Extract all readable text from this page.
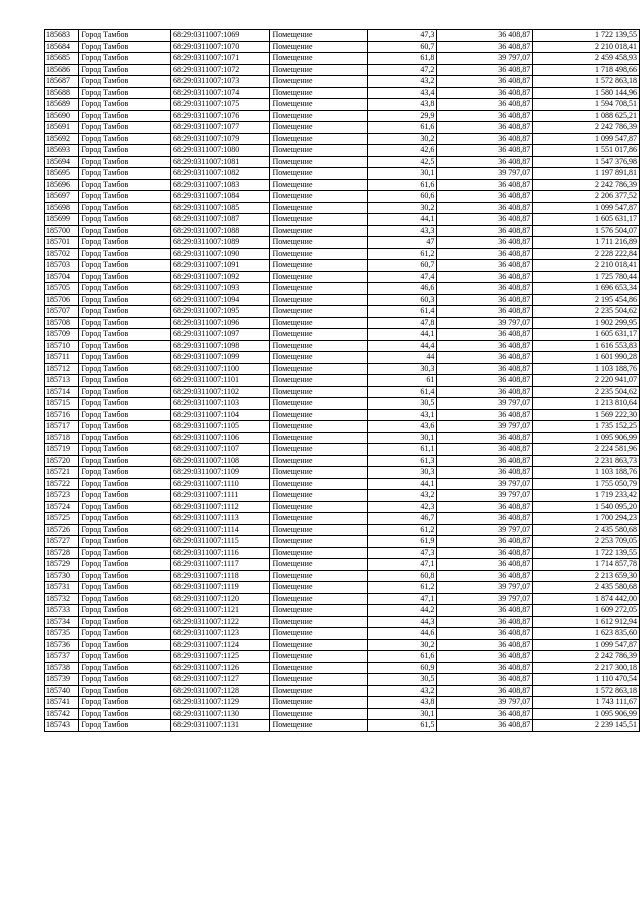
185683	Город Тамбов	68:29:0311007:1069	Помещение	47,3	36 408,87	1 722 139,55
185684	Город Тамбов	68:29:0311007:1070	Помещение	60,7	36 408,87	2 210 018,41
185685	Город Тамбов	68:29:0311007:1071	Помещение	61,8	39 797,07	2 459 458,93
185686	Город Тамбов	68:29:0311007:1072	Помещение	47,2	36 408,87	1 718 498,66
185687	Город Тамбов	68:29:0311007:1073	Помещение	43,2	36 408,87	1 572 863,18
185688	Город Тамбов	68:29:0311007:1074	Помещение	43,4	36 408,87	1 580 144,96
185689	Город Тамбов	68:29:0311007:1075	Помещение	43,8	36 408,87	1 594 708,51
185690	Город Тамбов	68:29:0311007:1076	Помещение	29,9	36 408,87	1 088 625,21
185691	Город Тамбов	68:29:0311007:1077	Помещение	61,6	36 408,87	2 242 786,39
185692	Город Тамбов	68:29:0311007:1079	Помещение	30,2	36 408,87	1 099 547,87
185693	Город Тамбов	68:29:0311007:1080	Помещение	42,6	36 408,87	1 551 017,86
185694	Город Тамбов	68:29:0311007:1081	Помещение	42,5	36 408,87	1 547 376,98
185695	Город Тамбов	68:29:0311007:1082	Помещение	30,1	39 797,07	1 197 891,81
185696	Город Тамбов	68:29:0311007:1083	Помещение	61,6	36 408,87	2 242 786,39
185697	Город Тамбов	68:29:0311007:1084	Помещение	60,6	36 408,87	2 206 377,52
185698	Город Тамбов	68:29:0311007:1085	Помещение	30,2	36 408,87	1 099 547,87
185699	Город Тамбов	68:29:0311007:1087	Помещение	44,1	36 408,87	1 605 631,17
185700	Город Тамбов	68:29:0311007:1088	Помещение	43,3	36 408,87	1 576 504,07
185701	Город Тамбов	68:29:0311007:1089	Помещение	47	36 408,87	1 711 216,89
185702	Город Тамбов	68:29:0311007:1090	Помещение	61,2	36 408,87	2 228 222,84
185703	Город Тамбов	68:29:0311007:1091	Помещение	60,7	36 408,87	2 210 018,41
185704	Город Тамбов	68:29:0311007:1092	Помещение	47,4	36 408,87	1 725 780,44
185705	Город Тамбов	68:29:0311007:1093	Помещение	46,6	36 408,87	1 696 653,34
185706	Город Тамбов	68:29:0311007:1094	Помещение	60,3	36 408,87	2 195 454,86
185707	Город Тамбов	68:29:0311007:1095	Помещение	61,4	36 408,87	2 235 504,62
185708	Город Тамбов	68:29:0311007:1096	Помещение	47,8	39 797,07	1 902 299,95
185709	Город Тамбов	68:29:0311007:1097	Помещение	44,1	36 408,87	1 605 631,17
185710	Город Тамбов	68:29:0311007:1098	Помещение	44,4	36 408,87	1 616 553,83
185711	Город Тамбов	68:29:0311007:1099	Помещение	44	36 408,87	1 601 990,28
185712	Город Тамбов	68:29:0311007:1100	Помещение	30,3	36 408,87	1 103 188,76
185713	Город Тамбов	68:29:0311007:1101	Помещение	61	36 408,87	2 220 941,07
185714	Город Тамбов	68:29:0311007:1102	Помещение	61,4	36 408,87	2 235 504,62
185715	Город Тамбов	68:29:0311007:1103	Помещение	30,5	39 797,07	1 213 810,64
185716	Город Тамбов	68:29:0311007:1104	Помещение	43,1	36 408,87	1 569 222,30
185717	Город Тамбов	68:29:0311007:1105	Помещение	43,6	39 797,07	1 735 152,25
185718	Город Тамбов	68:29:0311007:1106	Помещение	30,1	36 408,87	1 095 906,99
185719	Город Тамбов	68:29:0311007:1107	Помещение	61,1	36 408,87	2 224 581,96
185720	Город Тамбов	68:29:0311007:1108	Помещение	61,3	36 408,87	2 231 863,73
185721	Город Тамбов	68:29:0311007:1109	Помещение	30,3	36 408,87	1 103 188,76
185722	Город Тамбов	68:29:0311007:1110	Помещение	44,1	39 797,07	1 755 050,79
185723	Город Тамбов	68:29:0311007:1111	Помещение	43,2	39 797,07	1 719 233,42
185724	Город Тамбов	68:29:0311007:1112	Помещение	42,3	36 408,87	1 540 095,20
185725	Город Тамбов	68:29:0311007:1113	Помещение	46,7	36 408,87	1 700 294,23
185726	Город Тамбов	68:29:0311007:1114	Помещение	61,2	39 797,07	2 435 580,68
185727	Город Тамбов	68:29:0311007:1115	Помещение	61,9	36 408,87	2 253 709,05
185728	Город Тамбов	68:29:0311007:1116	Помещение	47,3	36 408,87	1 722 139,55
185729	Город Тамбов	68:29:0311007:1117	Помещение	47,1	36 408,87	1 714 857,78
185730	Город Тамбов	68:29:0311007:1118	Помещение	60,8	36 408,87	2 213 659,30
185731	Город Тамбов	68:29:0311007:1119	Помещение	61,2	39 797,07	2 435 580,68
185732	Город Тамбов	68:29:0311007:1120	Помещение	47,1	39 797,07	1 874 442,00
185733	Город Тамбов	68:29:0311007:1121	Помещение	44,2	36 408,87	1 609 272,05
185734	Город Тамбов	68:29:0311007:1122	Помещение	44,3	36 408,87	1 612 912,94
185735	Город Тамбов	68:29:0311007:1123	Помещение	44,6	36 408,87	1 623 835,60
185736	Город Тамбов	68:29:0311007:1124	Помещение	30,2	36 408,87	1 099 547,87
185737	Город Тамбов	68:29:0311007:1125	Помещение	61,6	36 408,87	2 242 786,39
185738	Город Тамбов	68:29:0311007:1126	Помещение	60,9	36 408,87	2 217 300,18
185739	Город Тамбов	68:29:0311007:1127	Помещение	30,5	36 408,87	1 110 470,54
185740	Город Тамбов	68:29:0311007:1128	Помещение	43,2	36 408,87	1 572 863,18
185741	Город Тамбов	68:29:0311007:1129	Помещение	43,8	39 797,07	1 743 111,67
185742	Город Тамбов	68:29:0311007:1130	Помещение	30,1	36 408,87	1 095 906,99
185743	Город Тамбов	68:29:0311007:1131	Помещение	61,5	36 408,87	2 239 145,51
